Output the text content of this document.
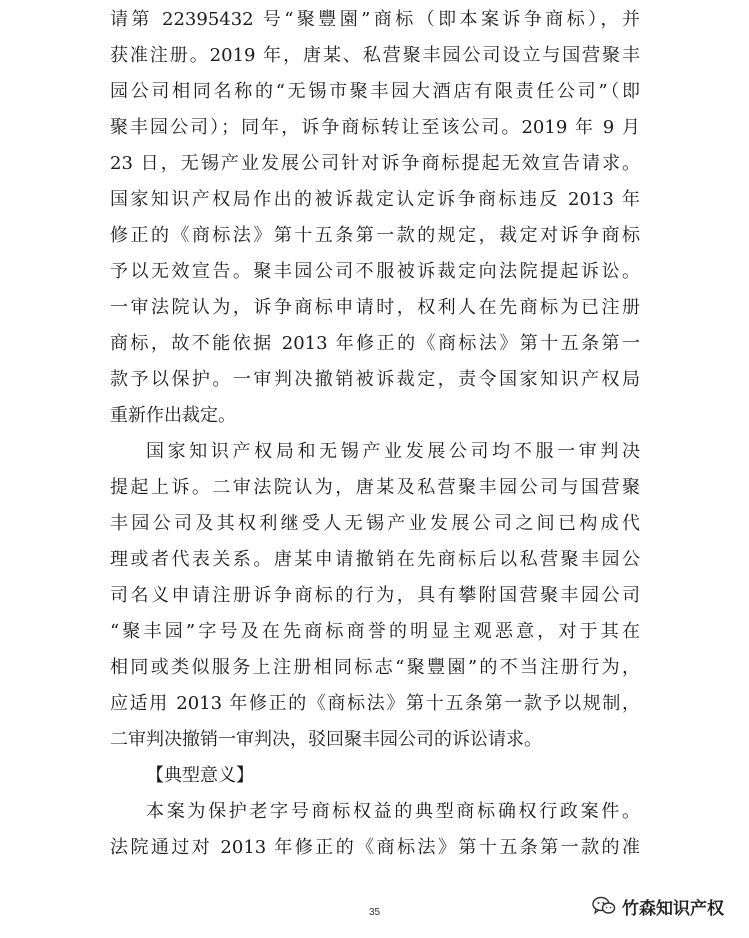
请第 22395432 号“聚豐園”商标（即本案诉争商标），并
获准注册。2019 年，唐某、私营聚丰园公司设立与国营聚丰
园公司相同名称的“无锡市聚丰园大酒店有限责任公司”（即
聚丰园公司）；同年，诉争商标转让至该公司。2019 年 9 月
23 日，无锡产业发展公司针对诉争商标提起无效宣告请求。
国家知识产权局作出的被诉裁定认定诉争商标违反 2013 年
修正的《商标法》第十五条第一款的规定，裁定对诉争商标
予以无效宣告。聚丰园公司不服被诉裁定向法院提起诉讼。
一审法院认为，诉争商标申请时，权利人在先商标为已注册
商标，故不能依据 2013 年修正的《商标法》第十五条第一
款予以保护。一审判决撤销被诉裁定，责令国家知识产权局
重新作出裁定。
国家知识产权局和无锡产业发展公司均不服一审判决
提起上诉。二审法院认为，唐某及私营聚丰园公司与国营聚
丰园公司及其权利继受人无锡产业发展公司之间已构成代
理或者代表关系。唐某申请撤销在先商标后以私营聚丰园公
司名义申请注册诉争商标的行为，具有攀附国营聚丰园公司
“聚丰园”字号及在先商标商誉的明显主观恶意，对于其在
相同或类似服务上注册相同标志“聚豐園”的不当注册行为，
应适用 2013 年修正的《商标法》第十五条第一款予以规制，
二审判决撤销一审判决，驳回聚丰园公司的诉讼请求。
【典型意义】
本案为保护老字号商标权益的典型商标确权行政案件。
法院通过对 2013 年修正的《商标法》第十五条第一款的准
35	竹森知识产权
